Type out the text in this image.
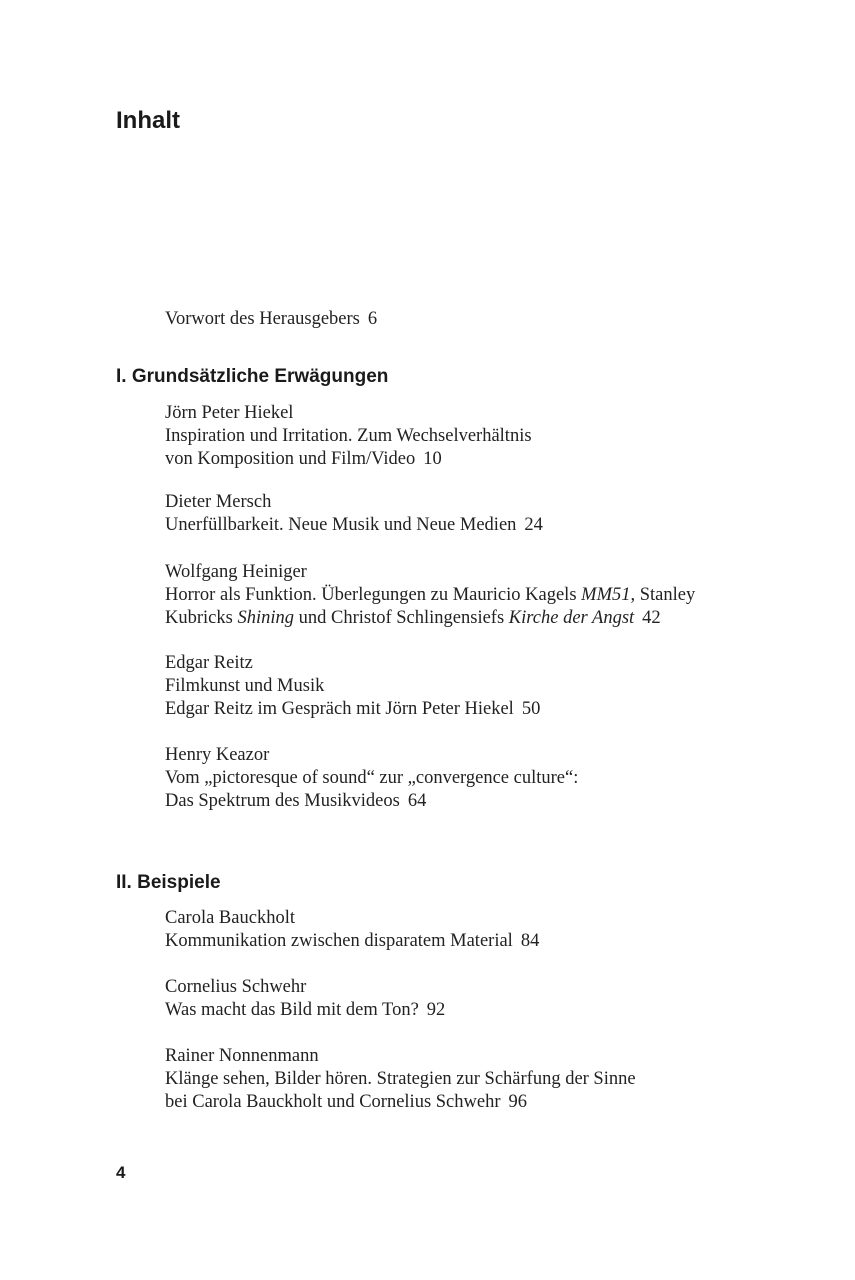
Inhalt
Vorwort des Herausgebers 6
I. Grundsätzliche Erwägungen
Jörn Peter Hiekel
Inspiration und Irritation. Zum Wechselverhältnis
von Komposition und Film/Video 10
Dieter Mersch
Unerfüllbarkeit. Neue Musik und Neue Medien 24
Wolfgang Heiniger
Horror als Funktion. Überlegungen zu Mauricio Kagels MM51, Stanley
Kubricks Shining und Christof Schlingensiefs Kirche der Angst 42
Edgar Reitz
Filmkunst und Musik
Edgar Reitz im Gespräch mit Jörn Peter Hiekel 50
Henry Keazor
Vom „pictoresque of sound“ zur „convergence culture“:
Das Spektrum des Musikvideos 64
II. Beispiele
Carola Bauckholt
Kommunikation zwischen disparatem Material 84
Cornelius Schwehr
Was macht das Bild mit dem Ton? 92
Rainer Nonnenmann
Klänge sehen, Bilder hören. Strategien zur Schärfung der Sinne
bei Carola Bauckholt und Cornelius Schwehr 96
4
